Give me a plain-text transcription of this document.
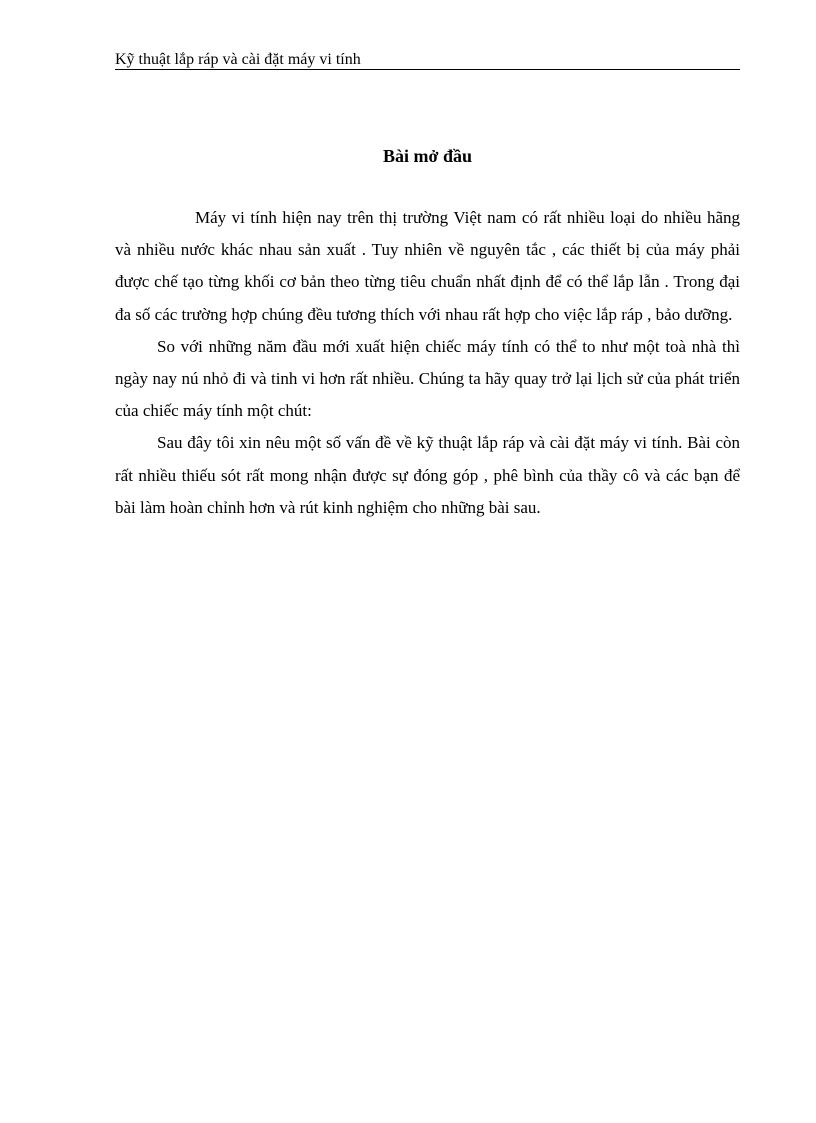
Kỹ thuật lắp ráp và cài đặt máy vi tính
Bài mở đầu

Máy vi tính hiện nay trên thị trường Việt nam có rất nhiều loại do nhiều hãng và nhiều nước khác nhau sản xuất . Tuy nhiên về nguyên tắc , các thiết bị của máy phải được chế tạo từng khối cơ bản theo từng tiêu chuẩn nhất định để có thể lắp lẫn . Trong đại đa số các trường hợp chúng đều tương thích với nhau rất hợp cho việc lắp ráp , bảo dưỡng.

So với những năm đầu mới xuất hiện chiếc máy tính có thể to như một toà nhà thì ngày nay nú nhỏ đi và tinh vi hơn rất nhiều. Chúng ta hãy quay trở lại lịch sử của phát triển của chiếc máy tính một chút:

Sau đây tôi xin nêu một số vấn đề về kỹ thuật lắp ráp và cài đặt máy vi tính. Bài còn rất nhiều thiếu sót rất mong nhận được sự đóng góp , phê bình của thầy cô và các bạn để bài làm hoàn chỉnh hơn và rút kinh nghiệm cho những bài sau.
